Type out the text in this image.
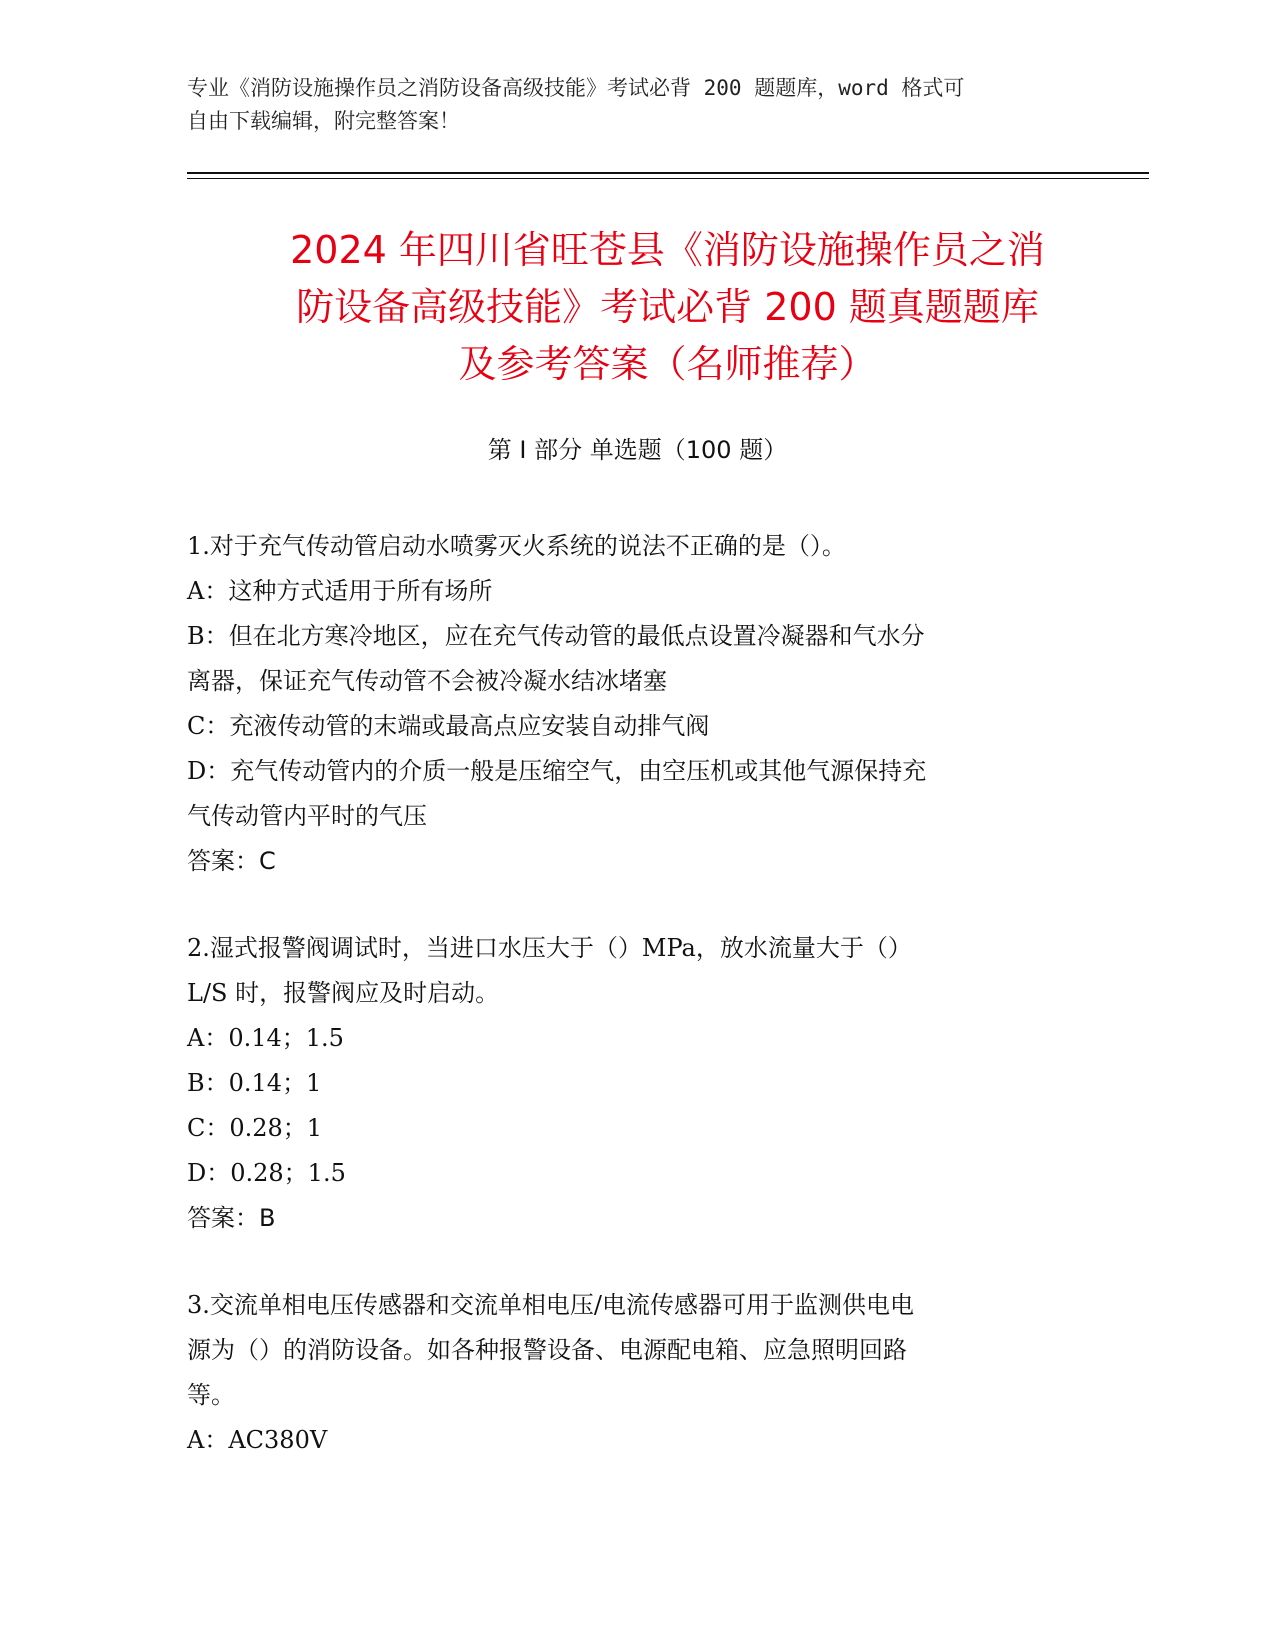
专业《消防设施操作员之消防设备高级技能》考试必背 200 题题库，word 格式可
自由下载编辑，附完整答案！
2024 年四川省旺苍县《消防设施操作员之消
防设备高级技能》考试必背 200 题真题题库
及参考答案（名师推荐）
第 I 部分 单选题（100 题）
1.对于充气传动管启动水喷雾灭火系统的说法不正确的是（）。
A：这种方式适用于所有场所
B：但在北方寒冷地区，应在充气传动管的最低点设置冷凝器和气水分
离器，保证充气传动管不会被冷凝水结冰堵塞
C：充液传动管的末端或最高点应安装自动排气阀
D：充气传动管内的介质一般是压缩空气，由空压机或其他气源保持充
气传动管内平时的气压
答案：C
2.湿式报警阀调试时，当进口水压大于（）MPa，放水流量大于（）
L/S 时，报警阀应及时启动。
A：0.14；1.5
B：0.14；1
C：0.28；1
D：0.28；1.5
答案：B
3.交流单相电压传感器和交流单相电压/电流传感器可用于监测供电电
源为（）的消防设备。如各种报警设备、电源配电箱、应急照明回路
等。
A：AC380V
